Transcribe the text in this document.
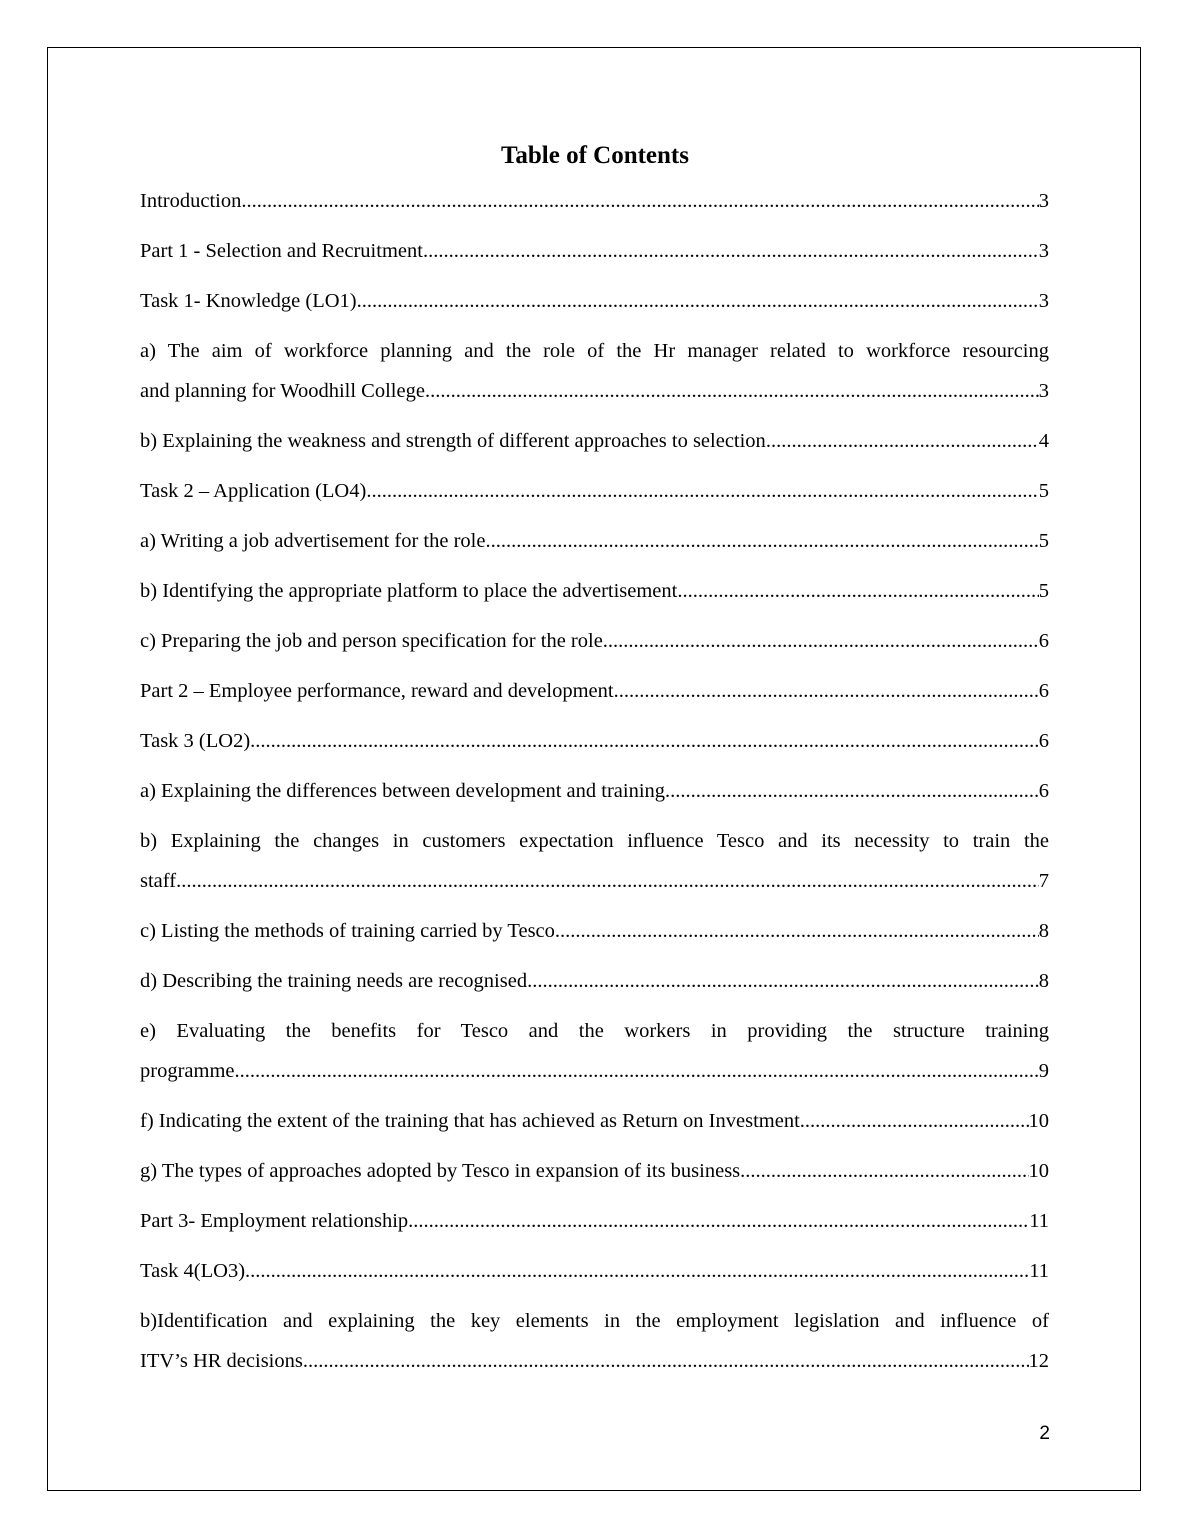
Table of Contents
Introduction .....	3
Part 1 - Selection and Recruitment .....	3
Task 1- Knowledge (LO1) .....	3
a) The aim of workforce planning and the role of the Hr manager related to workforce resourcing
and planning for Woodhill College .....	3
b) Explaining the weakness and strength of different approaches to selection .....	4
Task 2 – Application (LO4) .....	5
a) Writing a job advertisement for the role .....	5
b) Identifying the appropriate platform to place the advertisement .....	5
c) Preparing the job and person specification for the role .....	6
Part 2 – Employee performance, reward and development .....	6
Task 3 (LO2) .....	6
a) Explaining the differences between development and training .....	6
b) Explaining the changes in customers expectation influence Tesco and its necessity to train the
staff .....	7
c) Listing the methods of training carried by Tesco .....	8
d) Describing the training needs are recognised .....	8
e) Evaluating the benefits for Tesco and the workers in providing the structure training
programme .....	9
f) Indicating the extent of the training that has achieved as Return on Investment .....	10
g) The types of approaches adopted by Tesco in expansion of its business .....	10
Part 3- Employment relationship .....	11
Task 4(LO3) .....	11
b)Identification and explaining the key elements in the employment legislation and influence of
ITV’s HR decisions .....	12
2
